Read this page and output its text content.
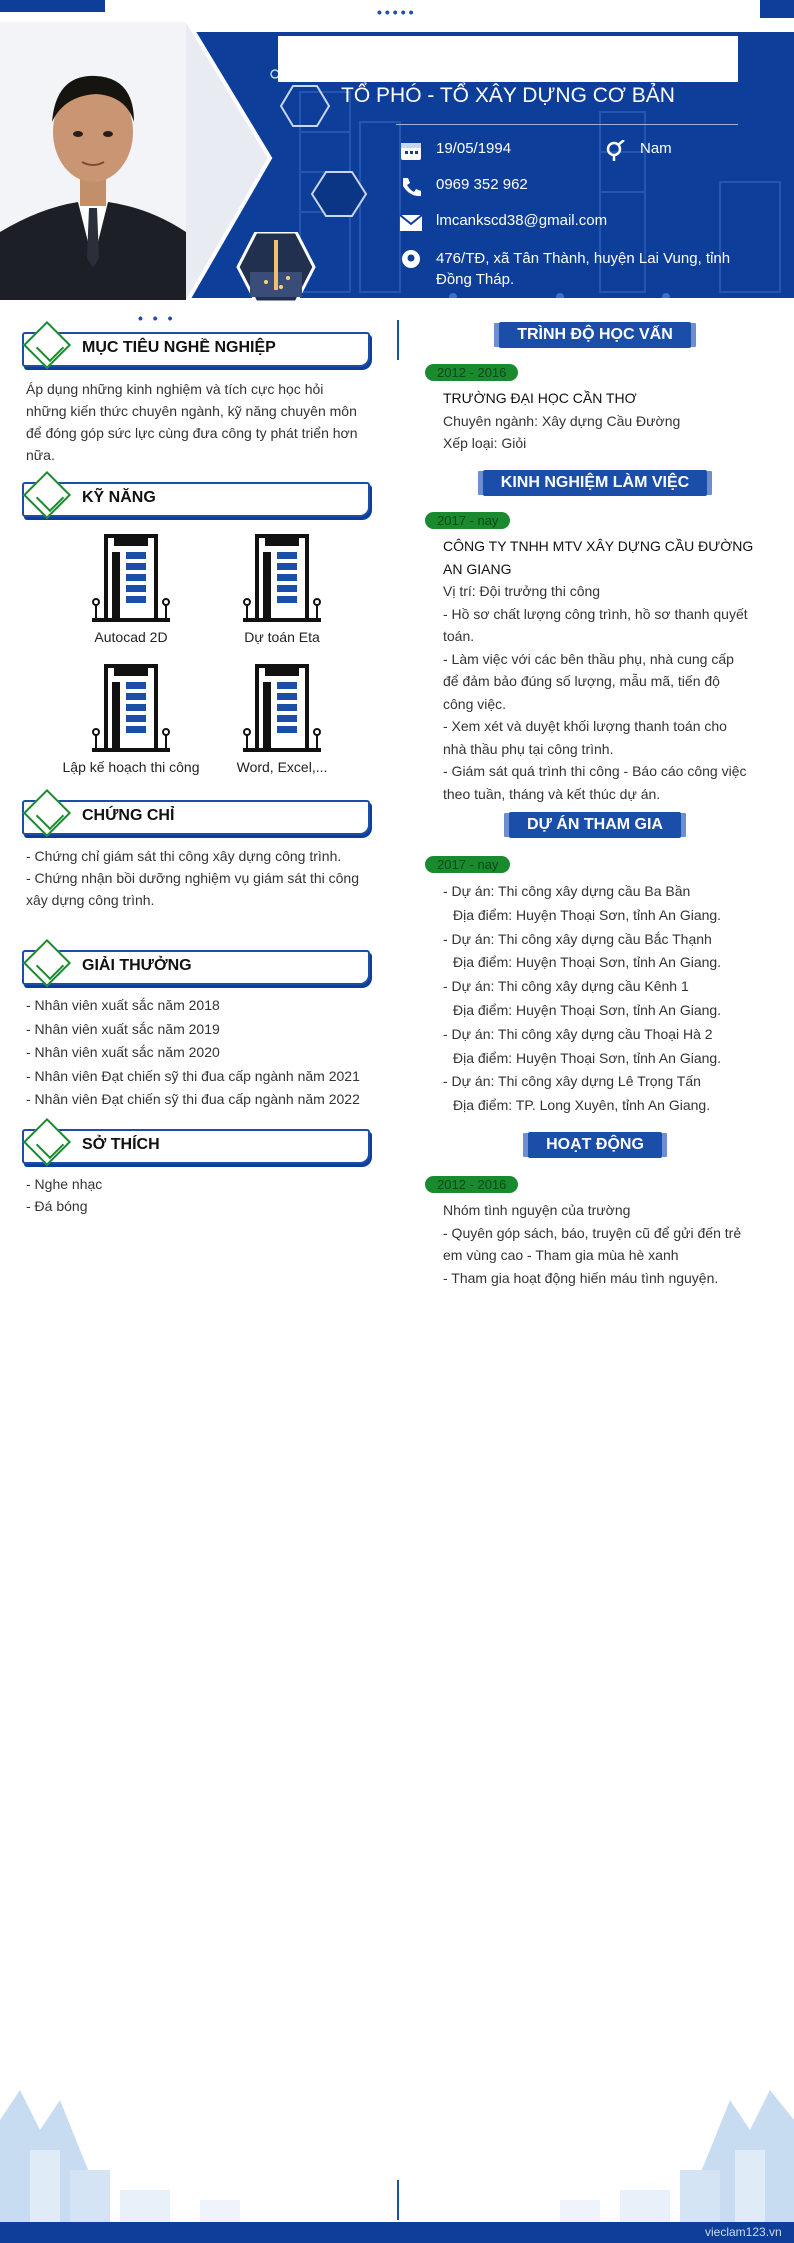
•••••
TỔ PHÓ - TỔ XÂY DỰNG CƠ BẢN
19/05/1994	Nam
0969 352 962
lmcankscd38@gmail.com
476/TĐ, xã Tân Thành, huyện Lai Vung, tỉnh
Đồng Tháp.
• • •
MỤC TIÊU NGHỀ NGHIỆP
Áp dụng những kinh nghiệm và tích cực học hỏi
những kiến thức chuyên ngành, kỹ năng chuyên môn
để đóng góp sức lực cùng đưa công ty phát triển hơn
nữa.
KỸ NĂNG
Autocad 2D	Dự toán Eta
Lập kế hoạch thi công	Word, Excel,...
CHỨNG CHỈ
- Chứng chỉ giám sát thi công xây dựng công trình.
- Chứng nhận bồi dưỡng nghiệm vụ giám sát thi công
xây dựng công trình.
GIẢI THƯỞNG
- Nhân viên xuất sắc năm 2018
- Nhân viên xuất sắc năm 2019
- Nhân viên xuất sắc năm 2020
- Nhân viên Đạt chiến sỹ thi đua cấp ngành năm 2021
- Nhân viên Đạt chiến sỹ thi đua cấp ngành năm 2022
SỞ THÍCH
- Nghe nhạc
- Đá bóng
TRÌNH ĐỘ HỌC VẤN
2012 - 2016
TRƯỜNG ĐẠI HỌC CẦN THƠ
Chuyên ngành: Xây dựng Cầu Đường
Xếp loại: Giỏi
KINH NGHIỆM LÀM VIỆC
2017 - nay
CÔNG TY TNHH MTV XÂY DỰNG CẦU ĐƯỜNG
AN GIANG
Vị trí: Đội trưởng thi công
- Hồ sơ chất lượng công trình, hồ sơ thanh quyết
toán.
- Làm việc với các bên thầu phụ, nhà cung cấp
để đảm bảo đúng số lượng, mẫu mã, tiến độ
công việc.
- Xem xét và duyệt khối lượng thanh toán cho
nhà thầu phụ tại công trình.
- Giám sát quá trình thi công - Báo cáo công việc
theo tuần, tháng và kết thúc dự án.
DỰ ÁN THAM GIA
2017 - nay
- Dự án: Thi công xây dựng cầu Ba Bần
Địa điểm: Huyện Thoại Sơn, tỉnh An Giang.
- Dự án: Thi công xây dựng cầu Bắc Thạnh
Địa điểm: Huyện Thoại Sơn, tỉnh An Giang.
- Dự án: Thi công xây dựng cầu Kênh 1
Địa điểm: Huyện Thoại Sơn, tỉnh An Giang.
- Dự án: Thi công xây dựng cầu Thoại Hà 2
Địa điểm: Huyện Thoại Sơn, tỉnh An Giang.
- Dự án: Thi công xây dựng Lê Trọng Tấn
Địa điểm: TP. Long Xuyên, tỉnh An Giang.
HOẠT ĐỘNG
2012 - 2016
Nhóm tình nguyện của trường
- Quyên góp sách, báo, truyện cũ để gửi đến trẻ
em vùng cao - Tham gia mùa hè xanh
- Tham gia hoạt động hiến máu tình nguyện.
vieclam123.vn
